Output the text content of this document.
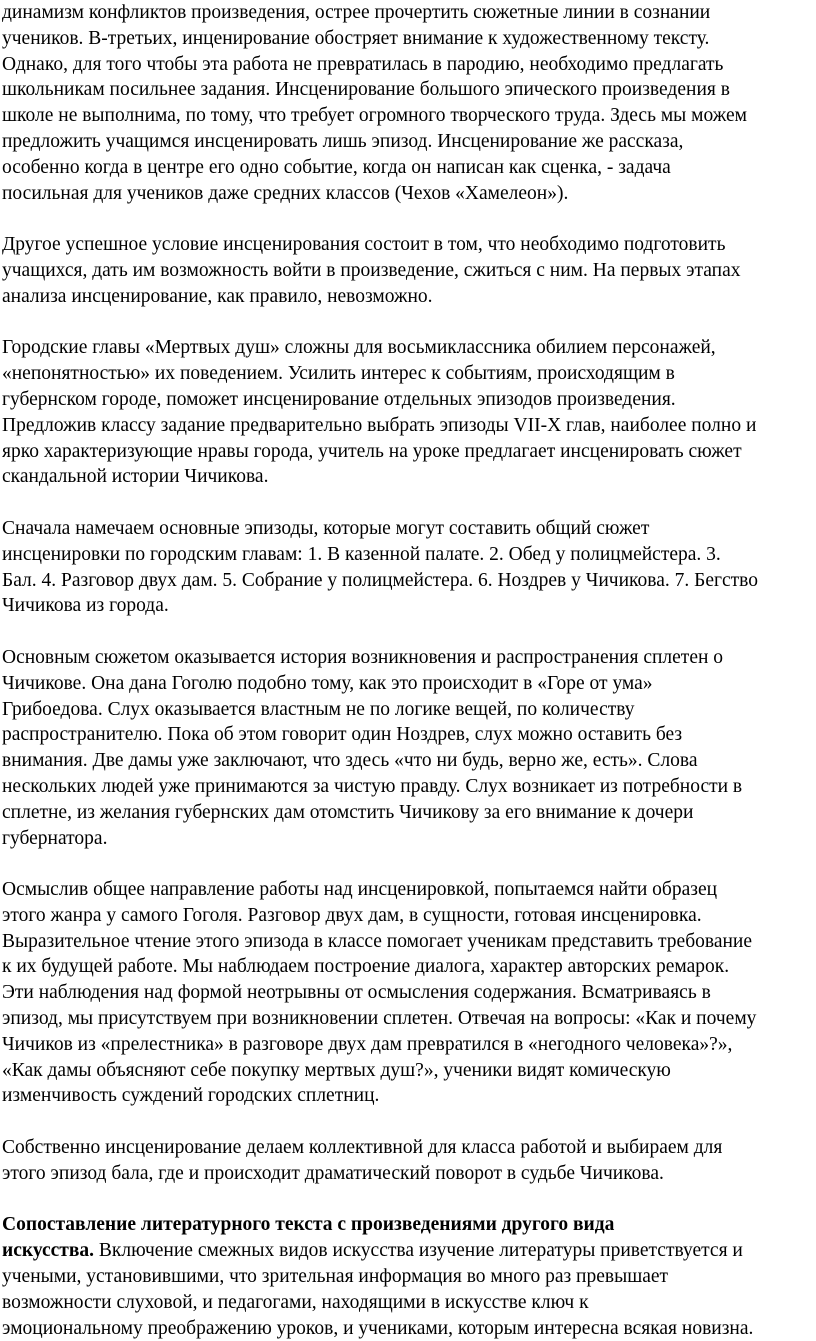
динамизм конфликтов произведения, острее прочертить сюжетные линии в сознании
учеников. В-третьих, инценирование обостряет внимание к художественному тексту.
Однако, для того чтобы эта работа не превратилась в пародию, необходимо предлагать
школьникам посильнее задания. Инсценирование большого эпического произведения в
школе не выполнима, по тому, что требует огромного творческого труда. Здесь мы можем
предложить учащимся инсценировать лишь эпизод. Инсценирование же рассказа,
особенно когда в центре его одно событие, когда он написан как сценка, - задача
посильная для учеников даже средних классов (Чехов «Хамелеон»).
Другое успешное условие инсценирования состоит в том, что необходимо подготовить
учащихся, дать им возможность войти в произведение, сжиться с ним. На первых этапах
анализа инсценирование, как правило, невозможно.
Городские главы «Мертвых душ» сложны для восьмиклассника обилием персонажей,
«непонятностью» их поведением. Усилить интерес к событиям, происходящим в
губернском городе, поможет инсценирование отдельных эпизодов произведения.
Предложив классу задание предварительно выбрать эпизоды VII-X глав, наиболее полно и
ярко характеризующие нравы города, учитель на уроке предлагает инсценировать сюжет
скандальной истории Чичикова.
Сначала намечаем основные эпизоды, которые могут составить общий сюжет
инсценировки по городским главам: 1. В казенной палате. 2. Обед у полицмейстера. 3.
Бал. 4. Разговор двух дам. 5. Собрание у полицмейстера. 6. Ноздрев у Чичикова. 7. Бегство
Чичикова из города.
Основным сюжетом оказывается история возникновения и распространения сплетен о
Чичикове. Она дана Гоголю подобно тому, как это происходит в «Горе от ума»
Грибоедова. Слух оказывается властным не по логике вещей, по количеству
распространителю. Пока об этом говорит один Ноздрев, слух можно оставить без
внимания. Две дамы уже заключают, что здесь «что ни будь, верно же, есть». Слова
нескольких людей уже принимаются за чистую правду. Слух возникает из потребности в
сплетне, из желания губернских дам отомстить Чичикову за его внимание к дочери
губернатора.
Осмыслив общее направление работы над инсценировкой, попытаемся найти образец
этого жанра у самого Гоголя. Разговор двух дам, в сущности, готовая инсценировка.
Выразительное чтение этого эпизода в классе помогает ученикам представить требование
к их будущей работе. Мы наблюдаем построение диалога, характер авторских ремарок.
Эти наблюдения над формой неотрывны от осмысления содержания. Всматриваясь в
эпизод, мы присутствуем при возникновении сплетен. Отвечая на вопросы: «Как и почему
Чичиков из «прелестника» в разговоре двух дам превратился в «негодного человека»?»,
«Как дамы объясняют себе покупку мертвых душ?», ученики видят комическую
изменчивость суждений городских сплетниц.
Собственно инсценирование делаем коллективной для класса работой и выбираем для
этого эпизод бала, где и происходит драматический поворот в судьбе Чичикова.
Сопоставление литературного текста с произведениями другого вида
искусства. Включение смежных видов искусства изучение литературы приветствуется и
учеными, установившими, что зрительная информация во много раз превышает
возможности слуховой, и педагогами, находящими в искусстве ключ к
эмоциональному преображению уроков, и учениками, которым интересна всякая новизна.
